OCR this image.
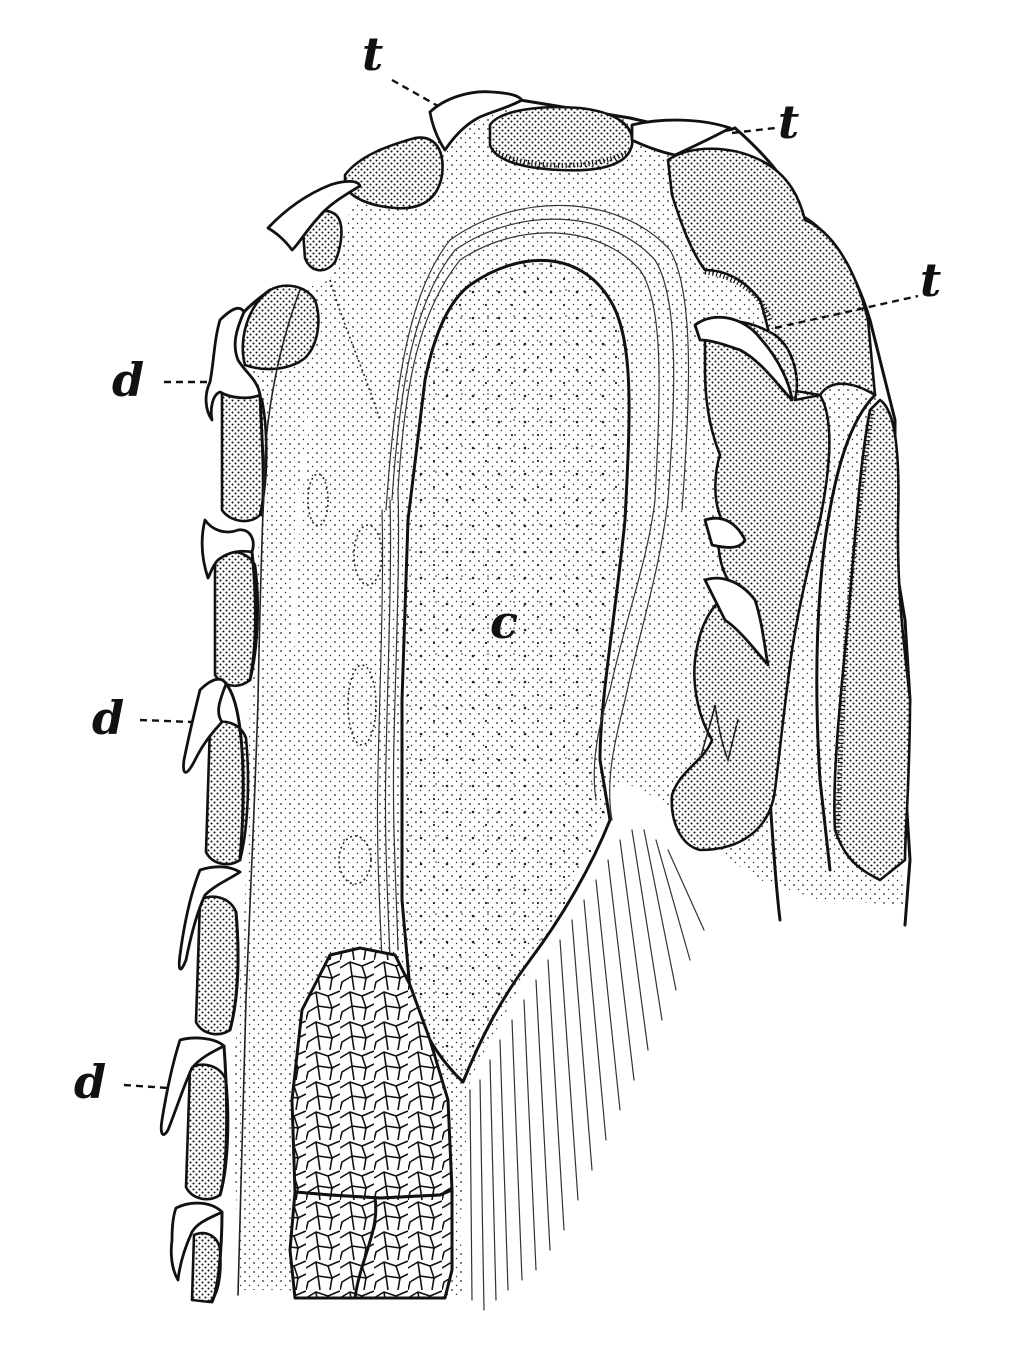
t
t
t
d
d
d
c
